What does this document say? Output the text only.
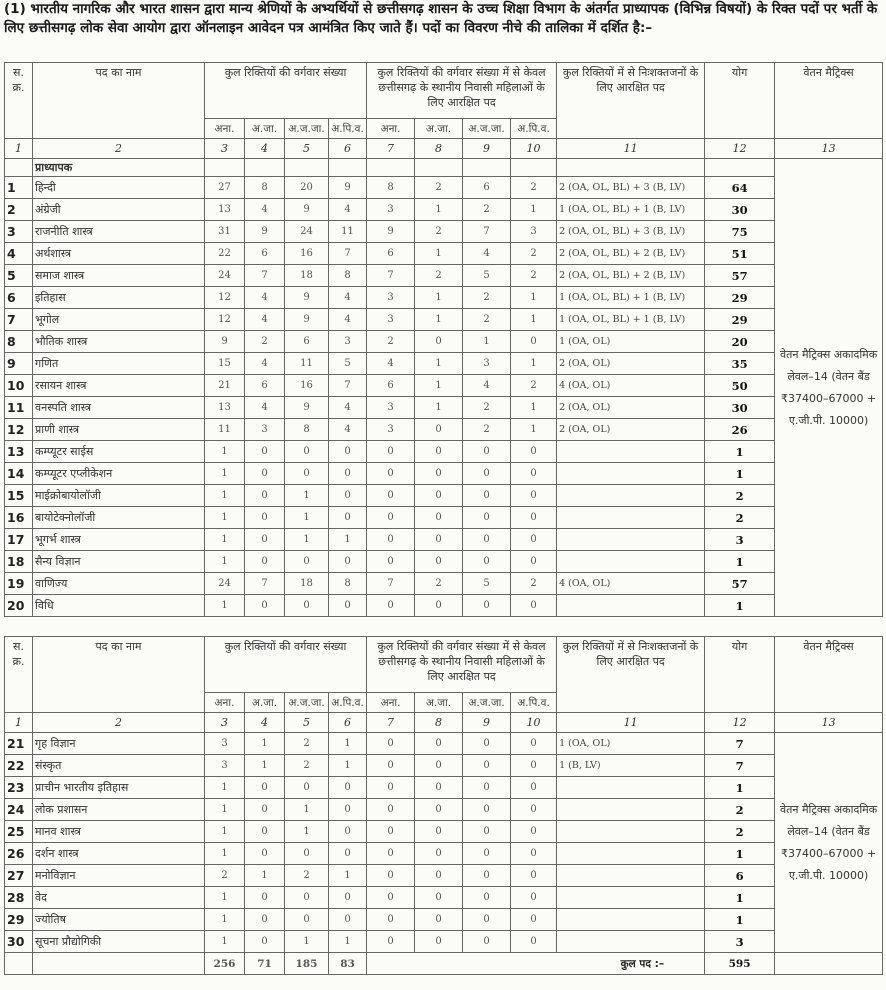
(1) भारतीय नागरिक और भारत शासन द्वारा मान्य श्रेणियों के अभ्यर्थियों से छत्तीसगढ़ शासन के उच्च शिक्षा विभाग के अंतर्गत प्राध्यापक (विभिन्न विषयों) के रिक्त पदों पर भर्ती के लिए छत्तीसगढ़ लोक सेवा आयोग द्वारा ऑनलाइन आवेदन पत्र आमंत्रित किए जाते हैं। पदों का विवरण नीचे की तालिका में दर्शित है:–
स. क्र.	पद का नाम	कुल रिक्तियों की वर्गवार संख्या				कुल रिक्तियों की वर्गवार संख्या में से केवल छत्तीसगढ़ के स्थानीय निवासी महिलाओं के लिए आरक्षित पद				कुल रिक्तियों में से निःशक्तजनों के लिए आरक्षित पद	योग	वेतन मैट्रिक्स
		अना.	अ.जा.	अ.ज.जा.	अ.पि.व.	अना.	अ.जा.	अ.ज.जा.	अ.पि.व.			
1	2	3	4	5	6	7	8	9	10	11	12	13
	प्राध्यापक											वेतन मैट्रिक्स अकादमिक लेवल–14 (वेतन बैंड ₹37400–67000 + ए.जी.पी. 10000)
1	हिन्दी	27	8	20	9	8	2	6	2	2 (OA, OL, BL) + 3 (B, LV)	64	
2	अंग्रेजी	13	4	9	4	3	1	2	1	1 (OA, OL, BL) + 1 (B, LV)	30	
3	राजनीति शास्त्र	31	9	24	11	9	2	7	3	2 (OA, OL, BL) + 3 (B, LV)	75	
4	अर्थशास्त्र	22	6	16	7	6	1	4	2	2 (OA, OL, BL) + 2 (B, LV)	51	
5	समाज शास्त्र	24	7	18	8	7	2	5	2	2 (OA, OL, BL) + 2 (B, LV)	57	
6	इतिहास	12	4	9	4	3	1	2	1	1 (OA, OL, BL) + 1 (B, LV)	29	
7	भूगोल	12	4	9	4	3	1	2	1	1 (OA, OL, BL) + 1 (B, LV)	29	
8	भौतिक शास्त्र	9	2	6	3	2	0	1	0	1 (OA, OL)	20	
9	गणित	15	4	11	5	4	1	3	1	2 (OA, OL)	35	
10	रसायन शास्त्र	21	6	16	7	6	1	4	2	4 (OA, OL)	50	
11	वनस्पति शास्त्र	13	4	9	4	3	1	2	1	2 (OA, OL)	30	
12	प्राणी शास्त्र	11	3	8	4	3	0	2	1	2 (OA, OL)	26	
13	कम्प्यूटर साईस	1	0	0	0	0	0	0	0		1	
14	कम्प्यूटर एप्लीकेशन	1	0	0	0	0	0	0	0		1	
15	माईक्रोबायोलॉजी	1	0	1	0	0	0	0	0		2	
16	बायोटेक्नोलॉजी	1	0	1	0	0	0	0	0		2	
17	भूगर्भ शास्त्र	1	0	1	1	0	0	0	0		3	
18	सैन्य विज्ञान	1	0	0	0	0	0	0	0		1	
19	वाणिज्य	24	7	18	8	7	2	5	2	4 (OA, OL)	57	
20	विधि	1	0	0	0	0	0	0	0		1	
स. क्र.	पद का नाम	कुल रिक्तियों की वर्गवार संख्या				कुल रिक्तियों की वर्गवार संख्या में से केवल छत्तीसगढ़ के स्थानीय निवासी महिलाओं के लिए आरक्षित पद				कुल रिक्तियों में से निःशक्तजनों के लिए आरक्षित पद	योग	वेतन मैट्रिक्स
		अना.	अ.जा.	अ.ज.जा.	अ.पि.व.	अना.	अ.जा.	अ.ज.जा.	अ.पि.व.			
1	2	3	4	5	6	7	8	9	10	11	12	13
21	गृह विज्ञान	3	1	2	1	0	0	0	0	1 (OA, OL)	7	वेतन मैट्रिक्स अकादमिक लेवल–14 (वेतन बैंड ₹37400–67000 + ए.जी.पी. 10000)
22	संस्कृत	3	1	2	1	0	0	0	0	1 (B, LV)	7	
23	प्राचीन भारतीय इतिहास	1	0	0	0	0	0	0	0		1	
24	लोक प्रशासन	1	0	1	0	0	0	0	0		2	
25	मानव शास्त्र	1	0	1	0	0	0	0	0		2	
26	दर्शन शास्त्र	1	0	0	0	0	0	0	0		1	
27	मनोविज्ञान	2	1	2	1	0	0	0	0		6	
28	वेद	1	0	0	0	0	0	0	0		1	
29	ज्योतिष	1	0	0	0	0	0	0	0		1	
30	सूचना प्रौद्योगिकी	1	0	1	1	0	0	0	0		3	
		256	71	185	83	कुल पद :–					595	
